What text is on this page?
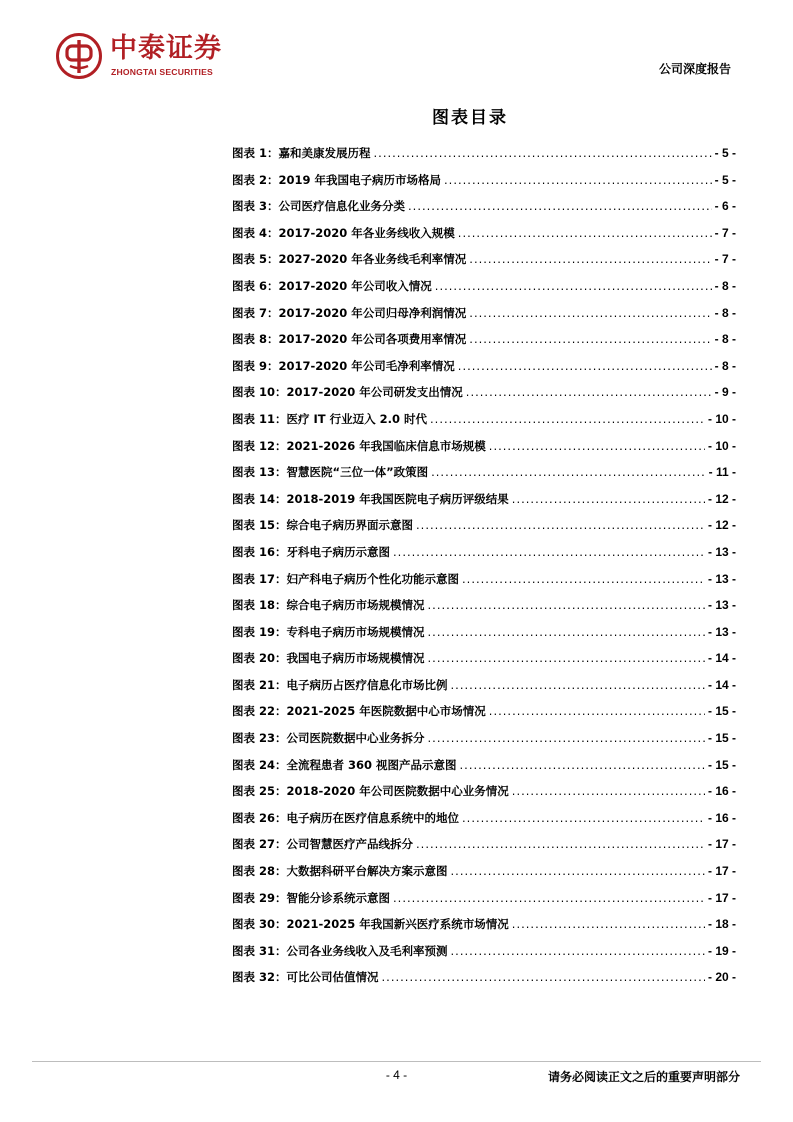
中泰证券
ZHONGTAI SECURITIES	公司深度报告
图表目录
图表 1：嘉和美康发展历程 .....	- 5 -
图表 2：2019 年我国电子病历市场格局 .....	- 5 -
图表 3：公司医疗信息化业务分类 .....	- 6 -
图表 4：2017-2020 年各业务线收入规模 .....	- 7 -
图表 5：2027-2020 年各业务线毛利率情况 .....	- 7 -
图表 6：2017-2020 年公司收入情况 .....	- 8 -
图表 7：2017-2020 年公司归母净利润情况 .....	- 8 -
图表 8：2017-2020 年公司各项费用率情况 .....	- 8 -
图表 9：2017-2020 年公司毛净利率情况 .....	- 8 -
图表 10：2017-2020 年公司研发支出情况 .....	- 9 -
图表 11：医疗 IT 行业迈入 2.0 时代 .....	- 10 -
图表 12：2021-2026 年我国临床信息市场规模 .....	- 10 -
图表 13：智慧医院“三位一体”政策图 .....	- 11 -
图表 14：2018-2019 年我国医院电子病历评级结果 .....	- 12 -
图表 15：综合电子病历界面示意图 .....	- 12 -
图表 16：牙科电子病历示意图 .....	- 13 -
图表 17：妇产科电子病历个性化功能示意图 .....	- 13 -
图表 18：综合电子病历市场规模情况 .....	- 13 -
图表 19：专科电子病历市场规模情况 .....	- 13 -
图表 20：我国电子病历市场规模情况 .....	- 14 -
图表 21：电子病历占医疗信息化市场比例 .....	- 14 -
图表 22：2021-2025 年医院数据中心市场情况 .....	- 15 -
图表 23：公司医院数据中心业务拆分 .....	- 15 -
图表 24：全流程患者 360 视图产品示意图 .....	- 15 -
图表 25：2018-2020 年公司医院数据中心业务情况 .....	- 16 -
图表 26：电子病历在医疗信息系统中的地位 .....	- 16 -
图表 27：公司智慧医疗产品线拆分 .....	- 17 -
图表 28：大数据科研平台解决方案示意图 .....	- 17 -
图表 29：智能分诊系统示意图 .....	- 17 -
图表 30：2021-2025 年我国新兴医疗系统市场情况 .....	- 18 -
图表 31：公司各业务线收入及毛利率预测 .....	- 19 -
图表 32：可比公司估值情况 .....	- 20 -
- 4 -	请务必阅读正文之后的重要声明部分
